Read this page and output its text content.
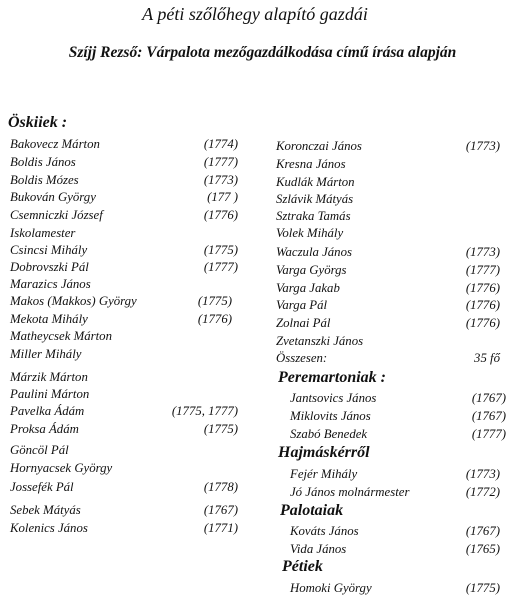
A péti szőlőhegy alapító gazdái
Szíjj Rezső: Várpalota mezőgazdálkodása című írása alapján
Öskiiek :
Bakovecz Márton	(1774)
Boldis János	(1777)
Boldis Mózes	(1773)
Bukován György	(177 )
Csemniczki József	(1776)
Iskolamester
Csincsi Mihály	(1775)
Dobrovszki Pál	(1777)
Marazics János
Makos (Makkos) György	(1775)
Mekota Mihály	(1776)
Matheycsek Márton
Miller Mihály
Márzik Márton
Paulini Márton
Pavelka Ádám	(1775, 1777)
Proksa Ádám	(1775)
Göncöl Pál
Hornyacsek György
Jossefék Pál	(1778)
Sebek Mátyás	(1767)
Kolenics János	(1771)
Koronczai János	(1773)
Kresna János
Kudlák Márton
Szlávik Mátyás
Sztraka Tamás
Volek Mihály
Waczula János	(1773)
Varga Györgs	(1777)
Varga Jakab	(1776)
Varga Pál	(1776)
Zolnai Pál	(1776)
Zvetanszki János
Összesen:	35 fő
Peremartoniak :
Jantsovics János	(1767)
Miklovits János	(1767)
Szabó Benedek	(1777)
Hajmáskérről
Fejér Mihály	(1773)
Jó János molnármester	(1772)
Palotaiak
Kováts János	(1767)
Vida János	(1765)
Pétiek
Homoki György	(1775)
